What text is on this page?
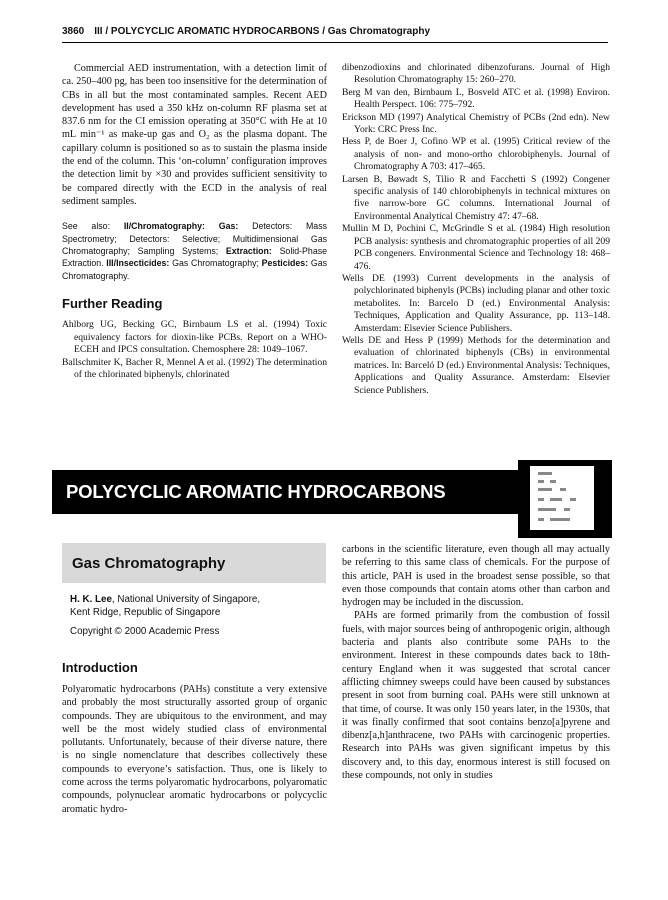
3860 III / POLYCYCLIC AROMATIC HYDROCARBONS / Gas Chromatography

Commercial AED instrumentation, with a detection limit of ca. 250–400 pg, has been too insensitive for the determination of CBs in all but the most contaminated samples. Recent AED development has used a 350 kHz on-column RF plasma set at 837.6 nm for the CI emission operating at 350°C with He at 10 mL min⁻¹ as make-up gas and O₂ as the plasma dopant. The capillary column is positioned so as to sustain the plasma inside the end of the column. This ‘on-column’ configuration improves the detection limit by ×30 and provides sufficient sensitivity to be compared directly with the ECD in the analysis of real sediment samples.

See also: II/Chromatography: Gas: Detectors: Mass Spectrometry; Detectors: Selective; Multidimensional Gas Chromatography; Sampling Systems; Extraction: Solid-Phase Extraction. III/Insecticides: Gas Chromatography; Pesticides: Gas Chromatography.
Further Reading

Ahlborg UG, Becking GC, Birnbaum LS et al. (1994) Toxic equivalency factors for dioxin-like PCBs. Report on a WHO-ECEH and IPCS consultation. Chemosphere 28: 1049–1067.

Ballschmiter K, Bacher R, Mennel A et al. (1992) The determination of the chlorinated biphenyls, chlorinated

dibenzodioxins and chlorinated dibenzofurans. Journal of High Resolution Chromatography 15: 260–270.

Berg M van den, Birnbaum L, Bosveld ATC et al. (1998) Environ. Health Perspect. 106: 775–792.

Erickson MD (1997) Analytical Chemistry of PCBs (2nd edn). New York: CRC Press Inc.

Hess P, de Boer J, Cofino WP et al. (1995) Critical review of the analysis of non- and mono-ortho chlorobiphenyls. Journal of Chromatography A 703: 417–465.

Larsen B, Bøwadt S, Tilio R and Facchetti S (1992) Congener specific analysis of 140 chlorobiphenyls in technical mixtures on five narrow-bore GC columns. International Journal of Environmental Analytical Chemistry 47: 47–68.

Mullin M D, Pochini C, McGrindle S et al. (1984) High resolution PCB analysis: synthesis and chromatographic properties of all 209 PCB congeners. Environmental Science and Technology 18: 468–476.

Wells DE (1993) Current developments in the analysis of polychlorinated biphenyls (PCBs) including planar and other toxic metabolites. In: Barcelo D (ed.) Environmental Analysis: Techniques, Application and Quality Assurance, pp. 113–148. Amsterdam: Elsevier Science Publishers.

Wells DE and Hess P (1999) Methods for the determination and evaluation of chlorinated biphenyls (CBs) in environmental matrices. In: Barceló D (ed.) Environmental Analysis: Techniques, Applications and Quality Assurance. Amsterdam: Elsevier Science Publishers.

POLYCYCLIC AROMATIC HYDROCARBONS
Gas Chromatography
H. K. Lee, National University of Singapore,
Kent Ridge, Republic of Singapore
Copyright © 2000 Academic Press
Introduction

Polyaromatic hydrocarbons (PAHs) constitute a very extensive and probably the most structurally assorted group of organic compounds. They are ubiquitous to the environment, and may well be the most widely studied class of environmental pollutants. Unfortunately, because of their diverse nature, there is no single nomenclature that describes collectively these compounds to everyone’s satisfaction. Thus, one is likely to come across the terms polyaromatic hydrocarbons, polyaromatic compounds, polynuclear aromatic hydrocarbons or polycyclic aromatic hydro-

carbons in the scientific literature, even though all may actually be referring to this same class of chemicals. For the purpose of this article, PAH is used in the broadest sense possible, so that even those compounds that contain atoms other than carbon and hydrogen may be included in the discussion.

PAHs are formed primarily from the combustion of fossil fuels, with major sources being of anthropogenic origin, although bacteria and plants also contribute some PAHs to the environment. Interest in these compounds dates back to 18th-century England when it was suggested that scrotal cancer afflicting chimney sweeps could have been caused by substances present in soot from burning coal. PAHs were still unknown at that time, of course. It was only 150 years later, in the 1930s, that it was finally confirmed that soot contains benzo[a]pyrene and dibenz[a,h]anthracene, two PAHs with carcinogenic properties. Research into PAHs was given significant impetus by this discovery and, to this day, enormous interest is still focused on these compounds, not only in studies
